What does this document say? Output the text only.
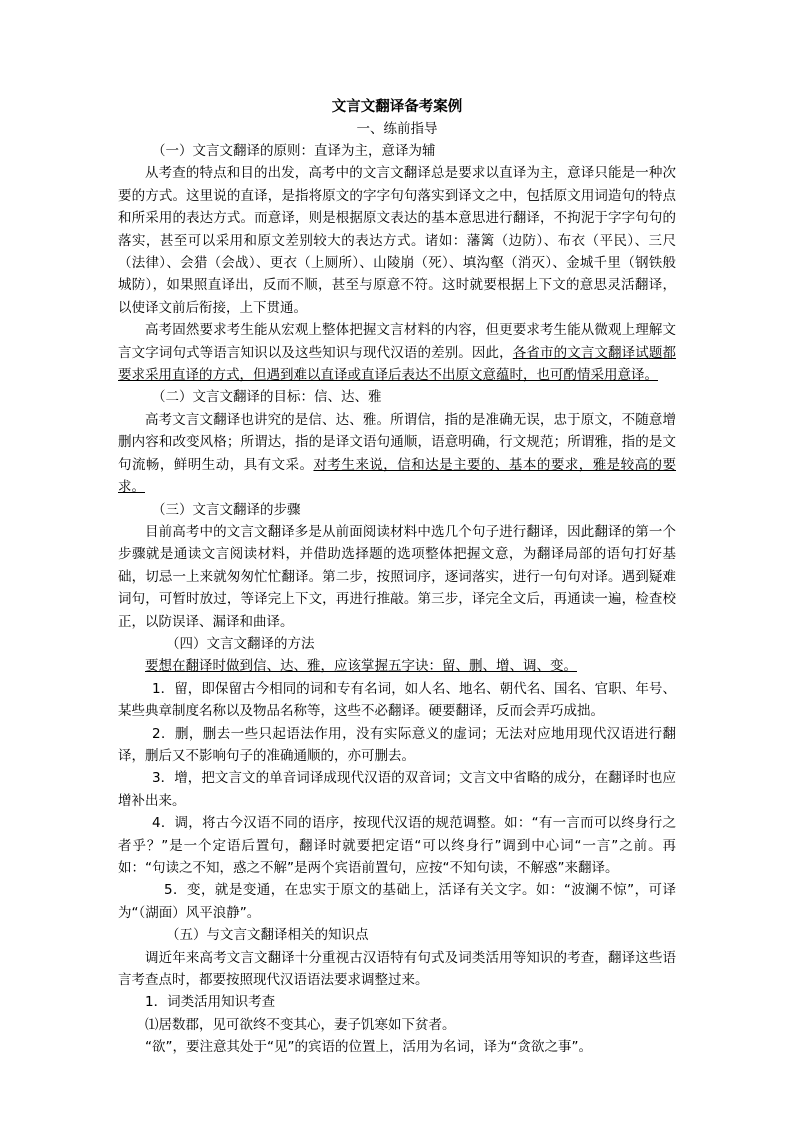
文言文翻译备考案例

一、练前指导

（一）文言文翻译的原则：直译为主，意译为辅

从考查的特点和目的出发，高考中的文言文翻译总是要求以直译为主，意译只能是一种次要的方式。这里说的直译，是指将原文的字字句句落实到译文之中，包括原文用词造句的特点和所采用的表达方式。而意译，则是根据原文表达的基本意思进行翻译，不拘泥于字字句句的落实，甚至可以采用和原文差别较大的表达方式。诸如：藩篱（边防）、布衣（平民）、三尺（法律）、会猎（会战）、更衣（上厕所）、山陵崩（死）、填沟壑（消灭）、金城千里（钢铁般城防），如果照直译出，反而不顺，甚至与原意不符。这时就要根据上下文的意思灵活翻译，以使译文前后衔接，上下贯通。

高考固然要求考生能从宏观上整体把握文言材料的内容，但更要求考生能从微观上理解文言文字词句式等语言知识以及这些知识与现代汉语的差别。因此，各省市的文言文翻译试题都要求采用直译的方式，但遇到难以直译或直译后表达不出原文意蕴时，也可酌情采用意译。

（二）文言文翻译的目标：信、达、雅

高考文言文翻译也讲究的是信、达、雅。所谓信，指的是准确无误，忠于原文，不随意增删内容和改变风格；所谓达，指的是译文语句通顺，语意明确，行文规范；所谓雅，指的是文句流畅，鲜明生动，具有文采。对考生来说，信和达是主要的、基本的要求，雅是较高的要求。

（三）文言文翻译的步骤

目前高考中的文言文翻译多是从前面阅读材料中选几个句子进行翻译，因此翻译的第一个步骤就是通读文言阅读材料，并借助选择题的选项整体把握文意，为翻译局部的语句打好基础，切忌一上来就匆匆忙忙翻译。第二步，按照词序，逐词落实，进行一句句对译。遇到疑难词句，可暂时放过，等译完上下文，再进行推敲。第三步，译完全文后，再通读一遍，检查校正，以防误译、漏译和曲译。

（四）文言文翻译的方法

要想在翻译时做到信、达、雅，应该掌握五字诀：留、删、增、调、变。

1．留，即保留古今相同的词和专有名词，如人名、地名、朝代名、国名、官职、年号、某些典章制度名称以及物品名称等，这些不必翻译。硬要翻译，反而会弄巧成拙。

2．删，删去一些只起语法作用，没有实际意义的虚词；无法对应地用现代汉语进行翻译，删后又不影响句子的准确通顺的，亦可删去。

3．增，把文言文的单音词译成现代汉语的双音词；文言文中省略的成分，在翻译时也应增补出来。

4．调，将古今汉语不同的语序，按现代汉语的规范调整。如：“有一言而可以终身行之者乎？”是一个定语后置句，翻译时就要把定语“可以终身行”调到中心词“一言”之前。再如：“句读之不知，惑之不解”是两个宾语前置句，应按“不知句读，不解惑”来翻译。

5．变，就是变通，在忠实于原文的基础上，活译有关文字。如：“波澜不惊”，可译为“（湖面）风平浪静”。

（五）与文言文翻译相关的知识点

调近年来高考文言文翻译十分重视古汉语特有句式及词类活用等知识的考查，翻译这些语言考查点时，都要按照现代汉语语法要求调整过来。

1．词类活用知识考查

⑴居数郡，见可欲终不变其心，妻子饥寒如下贫者。

“欲”，要注意其处于“见”的宾语的位置上，活用为名词，译为“贪欲之事”。
